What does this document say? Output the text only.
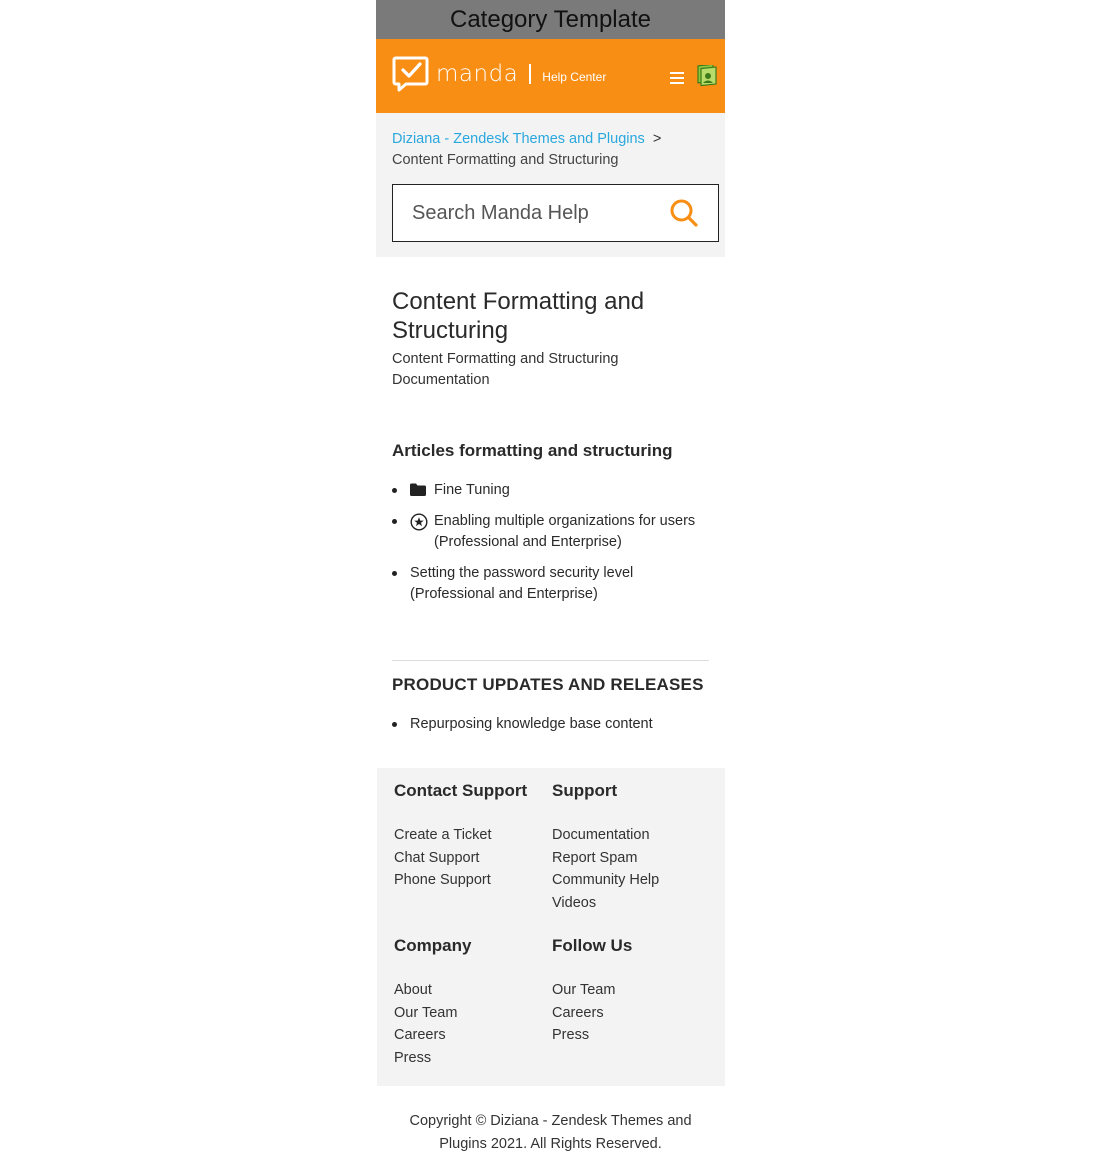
Category Template
manda Help Center
Diziana - Zendesk Themes and Plugins >
Content Formatting and Structuring
Search Manda Help
Content Formatting and Structuring

Content Formatting and Structuring Documentation

Articles formatting and structuring
Fine Tuning
Enabling multiple organizations for users (Professional and Enterprise)
Setting the password security level (Professional and Enterprise)
PRODUCT UPDATES AND RELEASES
Repurposing knowledge base content
Contact Support
Create a Ticket
Chat Support
Phone Support
Support
Documentation
Report Spam
Community Help
Videos
Company
About
Our Team
Careers
Press
Follow Us
Our Team
Careers
Press

Copyright © Diziana - Zendesk Themes and Plugins 2021. All Rights Reserved.
